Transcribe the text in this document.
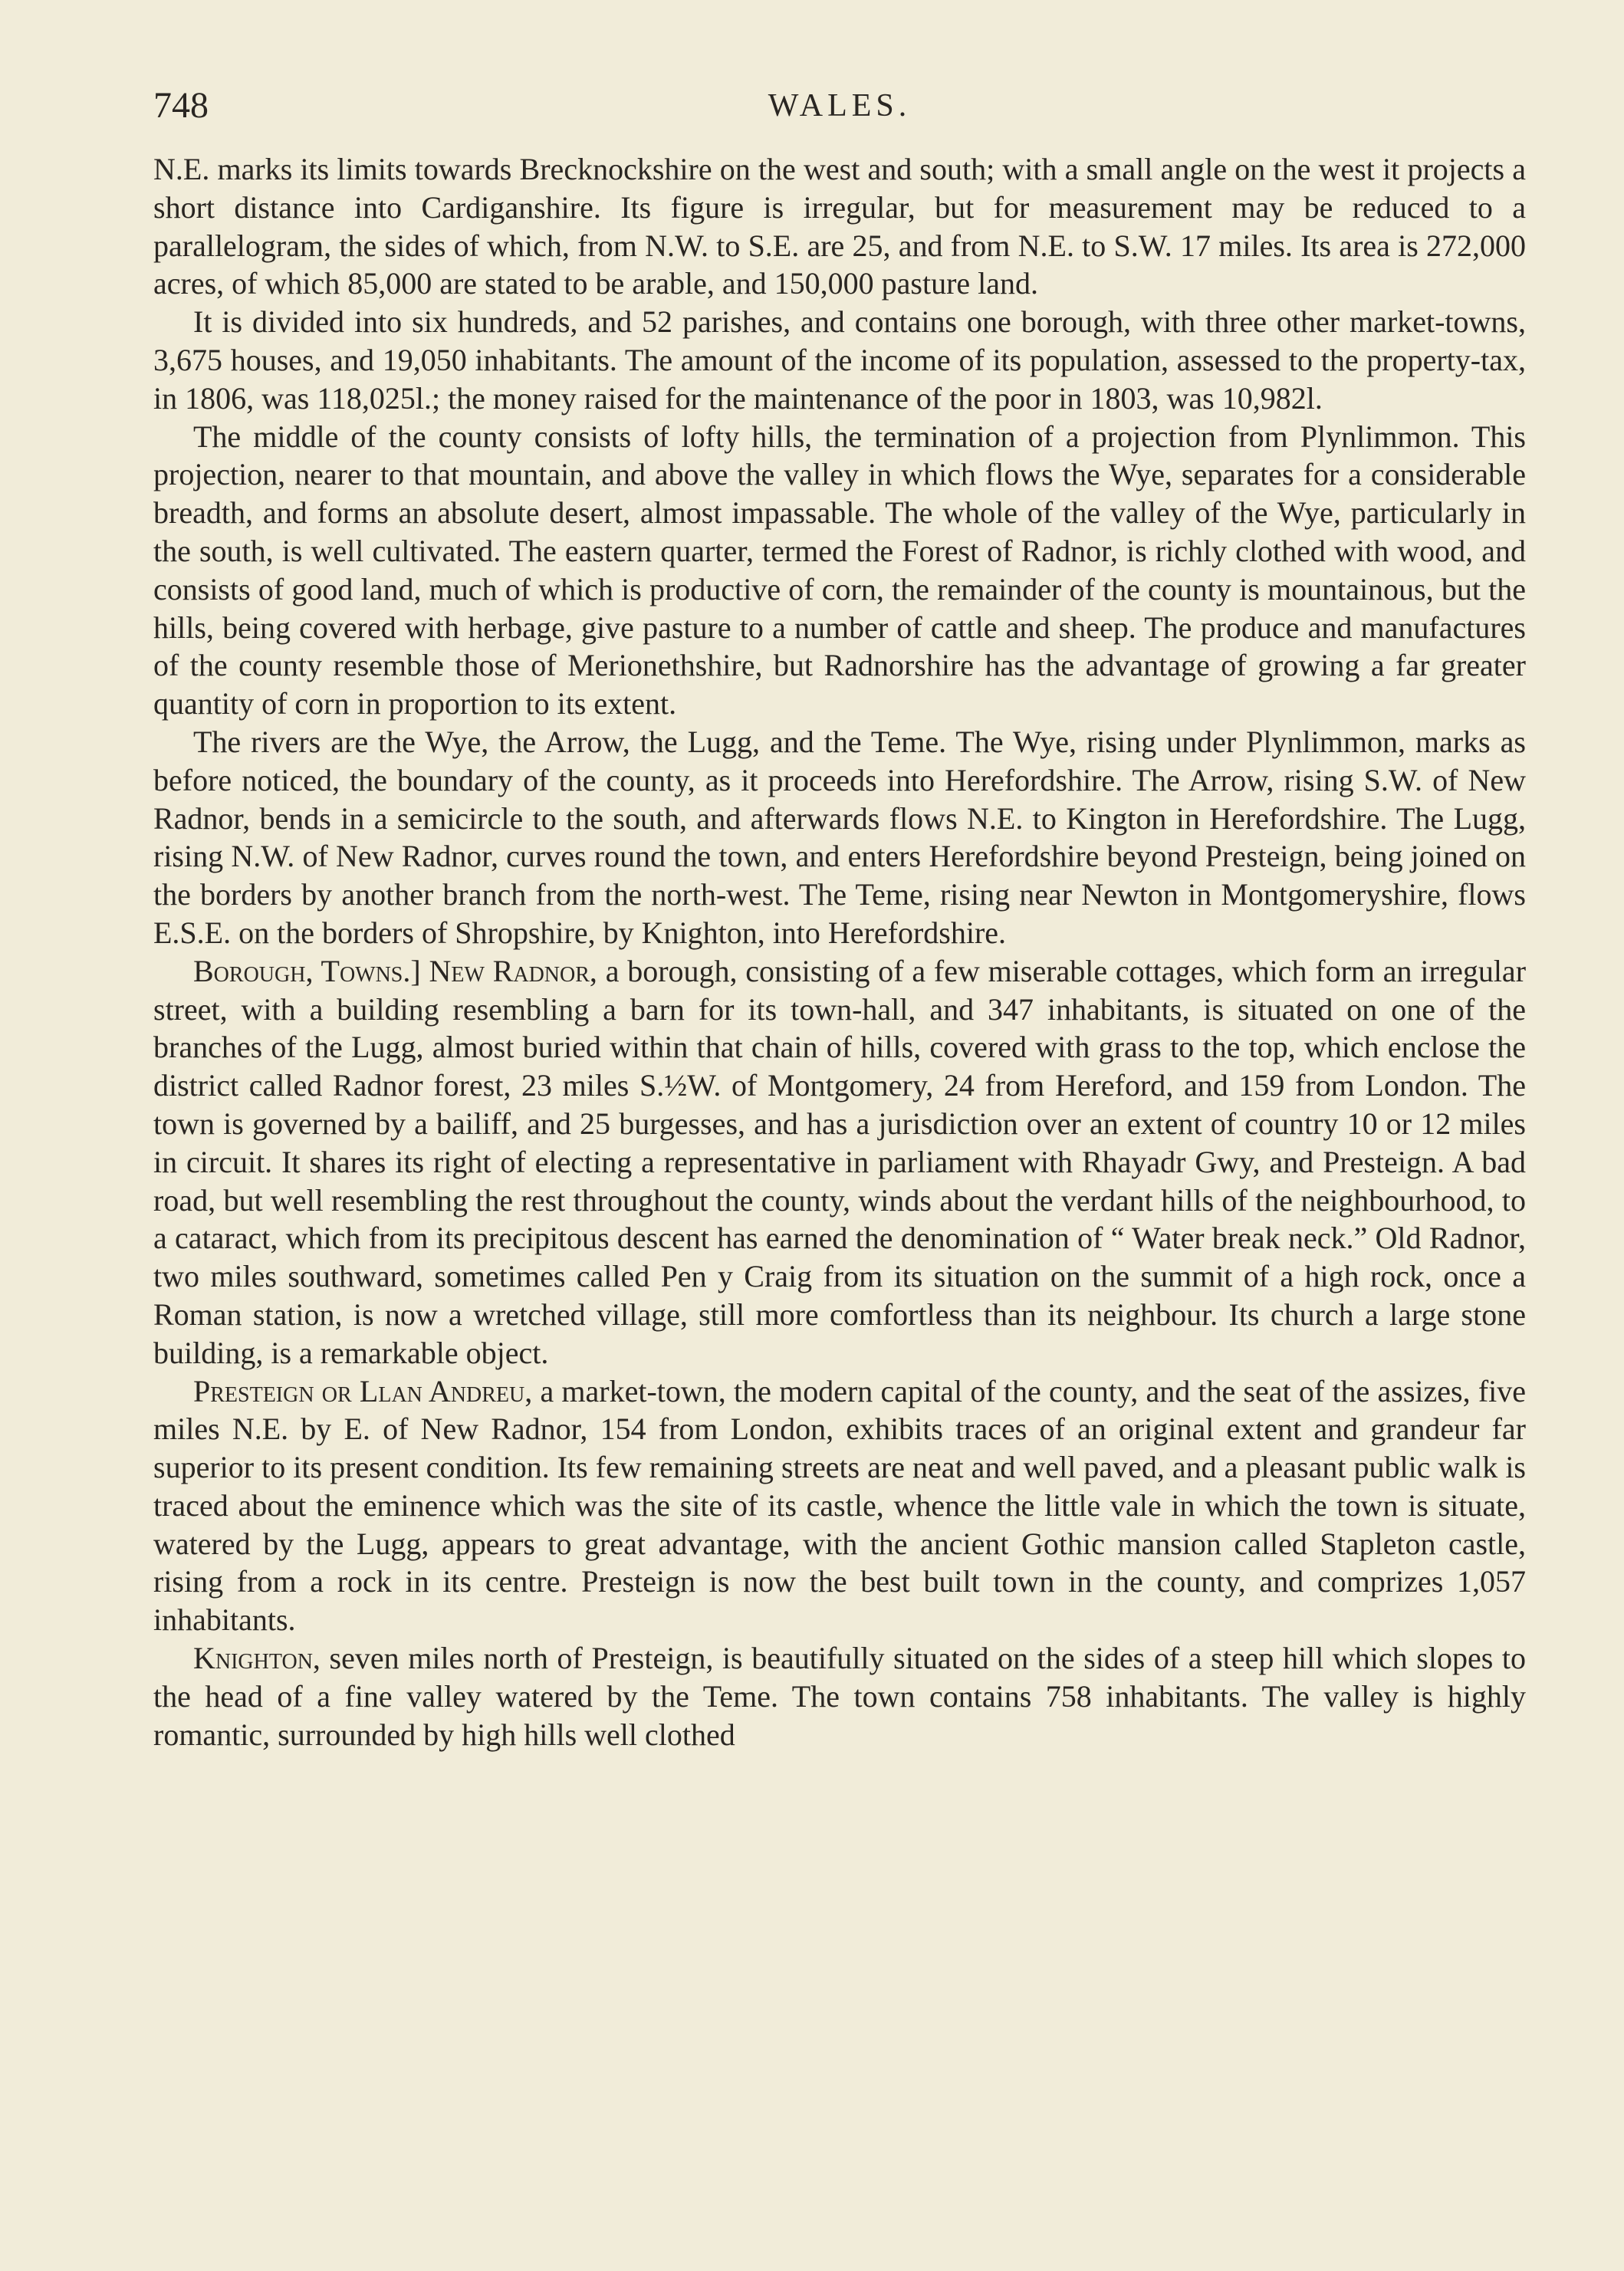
748	WALES.

N.E. marks its limits towards Brecknockshire on the west and south; with a small angle on the west it projects a short distance into Cardiganshire. Its figure is irregular, but for measurement may be reduced to a parallelogram, the sides of which, from N.W. to S.E. are 25, and from N.E. to S.W. 17 miles. Its area is 272,000 acres, of which 85,000 are stated to be arable, and 150,000 pasture land.

It is divided into six hundreds, and 52 parishes, and contains one borough, with three other market-towns, 3,675 houses, and 19,050 inhabitants. The amount of the income of its population, assessed to the property-tax, in 1806, was 118,025l.; the money raised for the maintenance of the poor in 1803, was 10,982l.

The middle of the county consists of lofty hills, the termination of a projection from Plynlimmon. This projection, nearer to that mountain, and above the valley in which flows the Wye, separates for a considerable breadth, and forms an absolute desert, almost impassable. The whole of the valley of the Wye, particularly in the south, is well cultivated. The eastern quarter, termed the Forest of Radnor, is richly clothed with wood, and consists of good land, much of which is productive of corn, the remainder of the county is mountainous, but the hills, being covered with herbage, give pasture to a number of cattle and sheep. The produce and manufactures of the county resemble those of Merionethshire, but Radnorshire has the advantage of growing a far greater quantity of corn in proportion to its extent.

The rivers are the Wye, the Arrow, the Lugg, and the Teme. The Wye, rising under Plynlimmon, marks as before noticed, the boundary of the county, as it proceeds into Herefordshire. The Arrow, rising S.W. of New Radnor, bends in a semicircle to the south, and afterwards flows N.E. to Kington in Herefordshire. The Lugg, rising N.W. of New Radnor, curves round the town, and enters Herefordshire beyond Presteign, being joined on the borders by another branch from the north-west. The Teme, rising near Newton in Montgomeryshire, flows E.S.E. on the borders of Shropshire, by Knighton, into Herefordshire.

Borough, Towns.] New Radnor, a borough, consisting of a few miserable cottages, which form an irregular street, with a building resembling a barn for its town-hall, and 347 inhabitants, is situated on one of the branches of the Lugg, almost buried within that chain of hills, covered with grass to the top, which enclose the district called Radnor forest, 23 miles S.½W. of Montgomery, 24 from Hereford, and 159 from London. The town is governed by a bailiff, and 25 burgesses, and has a jurisdiction over an extent of country 10 or 12 miles in circuit. It shares its right of electing a representative in parliament with Rhayadr Gwy, and Presteign. A bad road, but well resembling the rest throughout the county, winds about the verdant hills of the neighbourhood, to a cataract, which from its precipitous descent has earned the denomination of “ Water break neck.” Old Radnor, two miles southward, sometimes called Pen y Craig from its situation on the summit of a high rock, once a Roman station, is now a wretched village, still more comfortless than its neighbour. Its church a large stone building, is a remarkable object.

Presteign or Llan Andreu, a market-town, the modern capital of the county, and the seat of the assizes, five miles N.E. by E. of New Radnor, 154 from London, exhibits traces of an original extent and grandeur far superior to its present condition. Its few remaining streets are neat and well paved, and a pleasant public walk is traced about the eminence which was the site of its castle, whence the little vale in which the town is situate, watered by the Lugg, appears to great advantage, with the ancient Gothic mansion called Stapleton castle, rising from a rock in its centre. Presteign is now the best built town in the county, and comprizes 1,057 inhabitants.

Knighton, seven miles north of Presteign, is beautifully situated on the sides of a steep hill which slopes to the head of a fine valley watered by the Teme. The town contains 758 inhabitants. The valley is highly romantic, surrounded by high hills well clothed
